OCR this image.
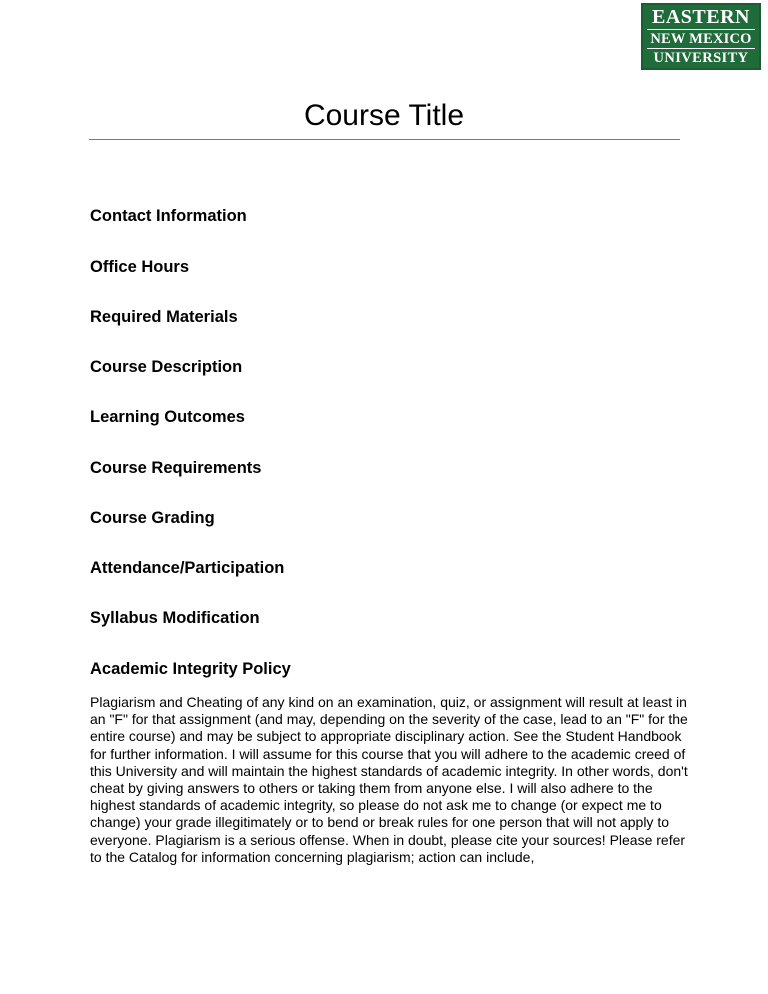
EASTERN
NEW MEXICO
UNIVERSITY
Course Title
Contact Information
Office Hours
Required Materials
Course Description
Learning Outcomes
Course Requirements
Course Grading
Attendance/Participation
Syllabus Modification
Academic Integrity Policy

Plagiarism and Cheating of any kind on an examination, quiz, or assignment will result at least in an "F" for that assignment (and may, depending on the severity of the case, lead to an "F" for the entire course) and may be subject to appropriate disciplinary action. See the Student Handbook for further information. I will assume for this course that you will adhere to the academic creed of this University and will maintain the highest standards of academic integrity. In other words, don't cheat by giving answers to others or taking them from anyone else. I will also adhere to the highest standards of academic integrity, so please do not ask me to change (or expect me to change) your grade illegitimately or to bend or break rules for one person that will not apply to everyone. Plagiarism is a serious offense. When in doubt, please cite your sources! Please refer to the Catalog for information concerning plagiarism; action can include,
